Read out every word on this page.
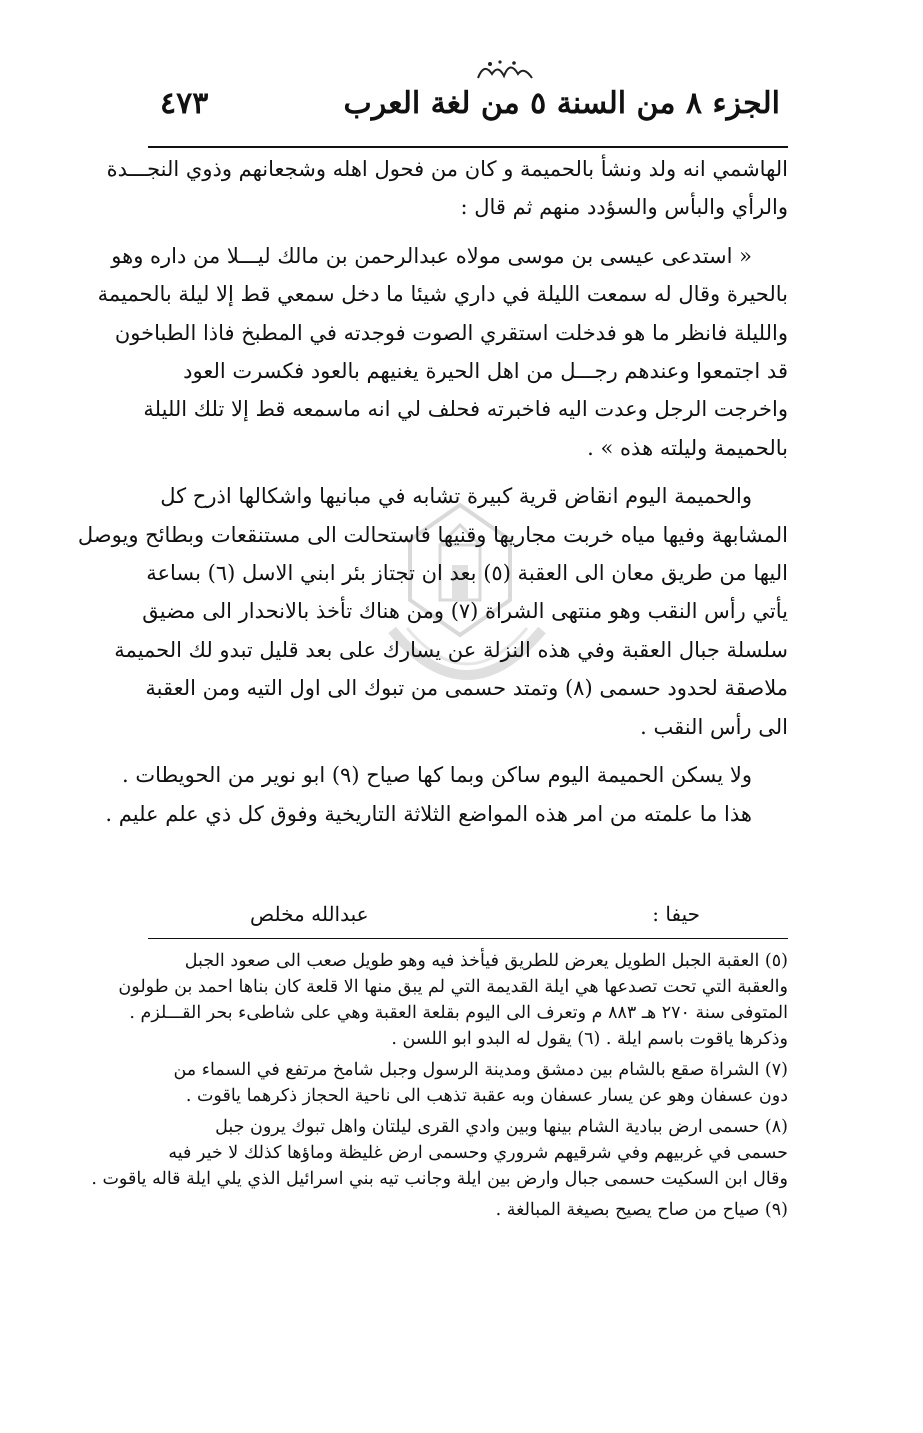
الجزء ٨ من السنة ٥ من لغة العرب
٤٧٣

الهاشمي انه ولد ونشأ بالحميمة و كان من فحول اهله وشجعانهم وذوي النجـــدة
والرأي والبأس والسؤدد منهم ثم قال :

« استدعى عيسى بن موسى مولاه عبدالرحمن بن مالك ليـــلا من داره وهو
بالحيرة وقال له سمعت الليلة في داري شيئا ما دخل سمعي قط إلا ليلة بالحميمة
والليلة فانظر ما هو فدخلت استقري الصوت فوجدته في المطبخ فاذا الطباخون
قد اجتمعوا وعندهم رجـــل من اهل الحيرة يغنيهم بالعود فكسرت العود
واخرجت الرجل وعدت اليه فاخبرته فحلف لي انه ماسمعه قط إلا تلك الليلة
بالحميمة وليلته هذه » .

والحميمة اليوم انقاض قرية كبيرة تشابه في مبانيها واشكالها اذرح كل
المشابهة وفيها مياه خربت مجاريها وقنيها فاستحالت الى مستنقعات وبطائح ويوصل
اليها من طريق معان الى العقبة (٥) بعد ان تجتاز بئر ابني الاسل (٦) بساعة
يأتي رأس النقب وهو منتهى الشراة (٧) ومن هناك تأخذ بالانحدار الى مضيق
سلسلة جبال العقبة وفي هذه النزلة عن يسارك على بعد قليل تبدو لك الحميمة
ملاصقة لحدود حسمى (٨) وتمتد حسمى من تبوك الى اول التيه ومن العقبة
الى رأس النقب .

ولا يسكن الحميمة اليوم ساكن وبما كها صياح (٩) ابو نوير من الحويطات .
هذا ما علمته من امر هذه المواضع الثلاثة التاريخية وفوق كل ذي علم عليم .

حيفا :
عبدالله مخلص
(٥) العقبة الجبل الطويل يعرض للطريق فيأخذ فيه وهو طويل صعب الى صعود الجبل
والعقبة التي تحت تصدعها هي ايلة القديمة التي لم يبق منها الا قلعة كان بناها احمد بن طولون
المتوفى سنة ٢٧٠ هـ ٨٨٣ م وتعرف الى اليوم بقلعة العقبة وهي على شاطىء بحر القـــلزم .
وذكرها ياقوت باسم ايلة . (٦) يقول له البدو ابو اللسن .
(٧) الشراة صقع بالشام بين دمشق ومدينة الرسول وجبل شامخ مرتفع في السماء من
دون عسفان وهو عن يسار عسفان وبه عقبة تذهب الى ناحية الحجاز ذكرهما ياقوت .
(٨) حسمى ارض ببادية الشام بينها وبين وادي القرى ليلتان واهل تبوك يرون جبل
حسمى في غربيهم وفي شرقيهم شروري وحسمى ارض غليظة وماؤها كذلك لا خير فيه
وقال ابن السكيت حسمى جبال وارض بين ايلة وجانب تيه بني اسرائيل الذي يلي ايلة قاله ياقوت .
(٩) صياح من صاح يصيح بصيغة المبالغة .
